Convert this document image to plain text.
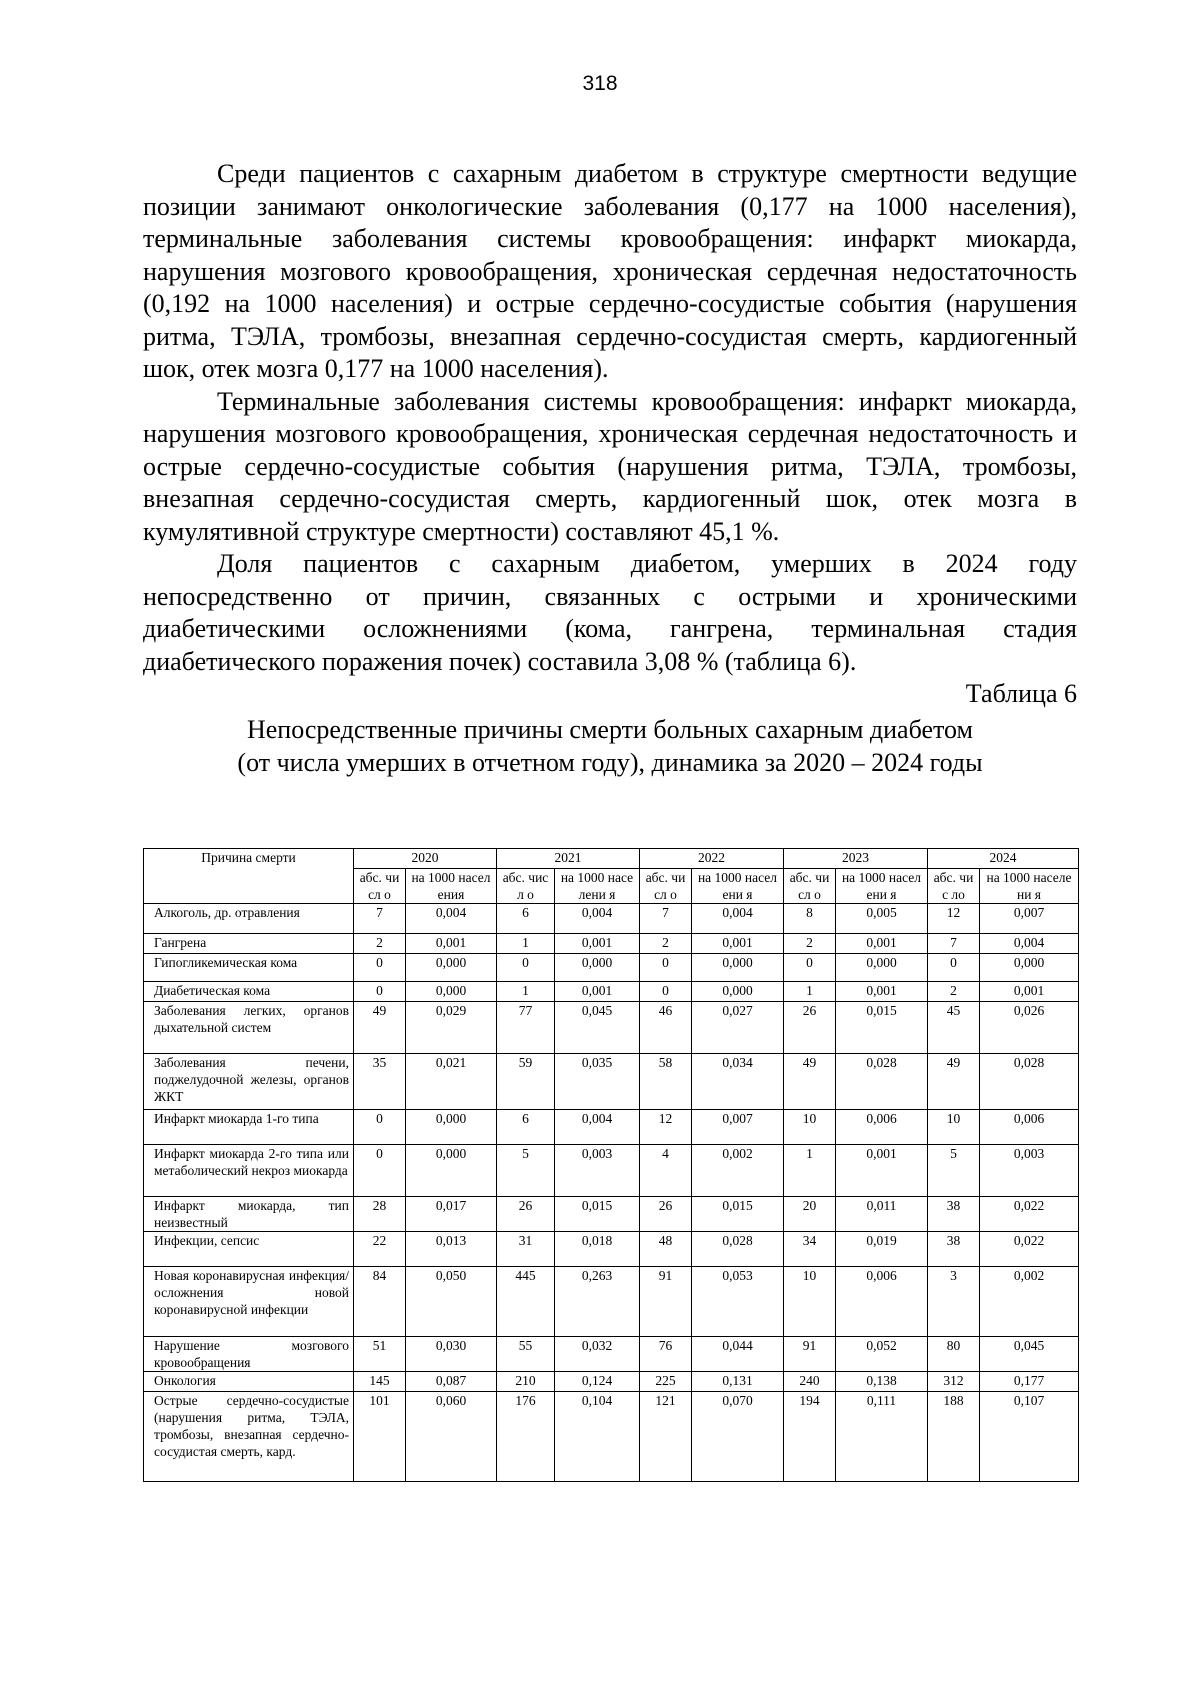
318

Среди пациентов с сахарным диабетом в структуре смертности ведущие позиции занимают онкологические заболевания (0,177 на 1000 населения), терминальные заболевания системы кровообращения: инфаркт миокарда, нарушения мозгового кровообращения, хроническая сердечная недостаточность (0,192 на 1000 населения) и острые сердечно-сосудистые события (нарушения ритма, ТЭЛА, тромбозы, внезапная сердечно-сосудистая смерть, кардиогенный шок, отек мозга 0,177 на 1000 населения).

Терминальные заболевания системы кровообращения: инфаркт миокарда, нарушения мозгового кровообращения, хроническая сердечная недостаточность и острые сердечно-сосудистые события (нарушения ритма, ТЭЛА, тромбозы, внезапная сердечно-сосудистая смерть, кардиогенный шок, отек мозга в кумулятивной структуре смертности) составляют 45,1 %.

Доля пациентов с сахарным диабетом, умерших в 2024 году непосредственно от причин, связанных с острыми и хроническими диабетическими осложнениями (кома, гангрена, терминальная стадия диабетического поражения почек) составила 3,08 % (таблица 6).

Таблица 6
Непосредственные причины смерти больных сахарным диабетом
(от числа умерших в отчетном году), динамика за 2020 – 2024 годы
Причина смерти	2020		2021		2022		2023		2024	
	абс. числ о	на 1000 населения	абс. числ о	на 1000 населени я	абс. числ о	на 1000 населени я	абс. числ о	на 1000 населени я	абс. чис ло	на 1000 населени я
Алкоголь, др. отравления	7	0,004	6	0,004	7	0,004	8	0,005	12	0,007
Гангрена	2	0,001	1	0,001	2	0,001	2	0,001	7	0,004
Гипогликемическая кома	0	0,000	0	0,000	0	0,000	0	0,000	0	0,000
Диабетическая кома	0	0,000	1	0,001	0	0,000	1	0,001	2	0,001
Заболевания легких, органов дыхательной систем	49	0,029	77	0,045	46	0,027	26	0,015	45	0,026
Заболевания печени, поджелудочной железы, органов ЖКТ	35	0,021	59	0,035	58	0,034	49	0,028	49	0,028
Инфаркт миокарда 1-го типа	0	0,000	6	0,004	12	0,007	10	0,006	10	0,006
Инфаркт миокарда 2-го типа или метаболический некроз миокарда	0	0,000	5	0,003	4	0,002	1	0,001	5	0,003
Инфаркт миокарда, тип неизвестный	28	0,017	26	0,015	26	0,015	20	0,011	38	0,022
Инфекции, сепсис	22	0,013	31	0,018	48	0,028	34	0,019	38	0,022
Новая коронавирусная инфекция/осложнения новой коронавирусной инфекции	84	0,050	445	0,263	91	0,053	10	0,006	3	0,002
Нарушение мозгового кровообращения	51	0,030	55	0,032	76	0,044	91	0,052	80	0,045
Онкология	145	0,087	210	0,124	225	0,131	240	0,138	312	0,177
Острые сердечно-сосудистые (нарушения ритма, ТЭЛА, тромбозы, внезапная сердечно-сосудистая смерть, кард.	101	0,060	176	0,104	121	0,070	194	0,111	188	0,107
